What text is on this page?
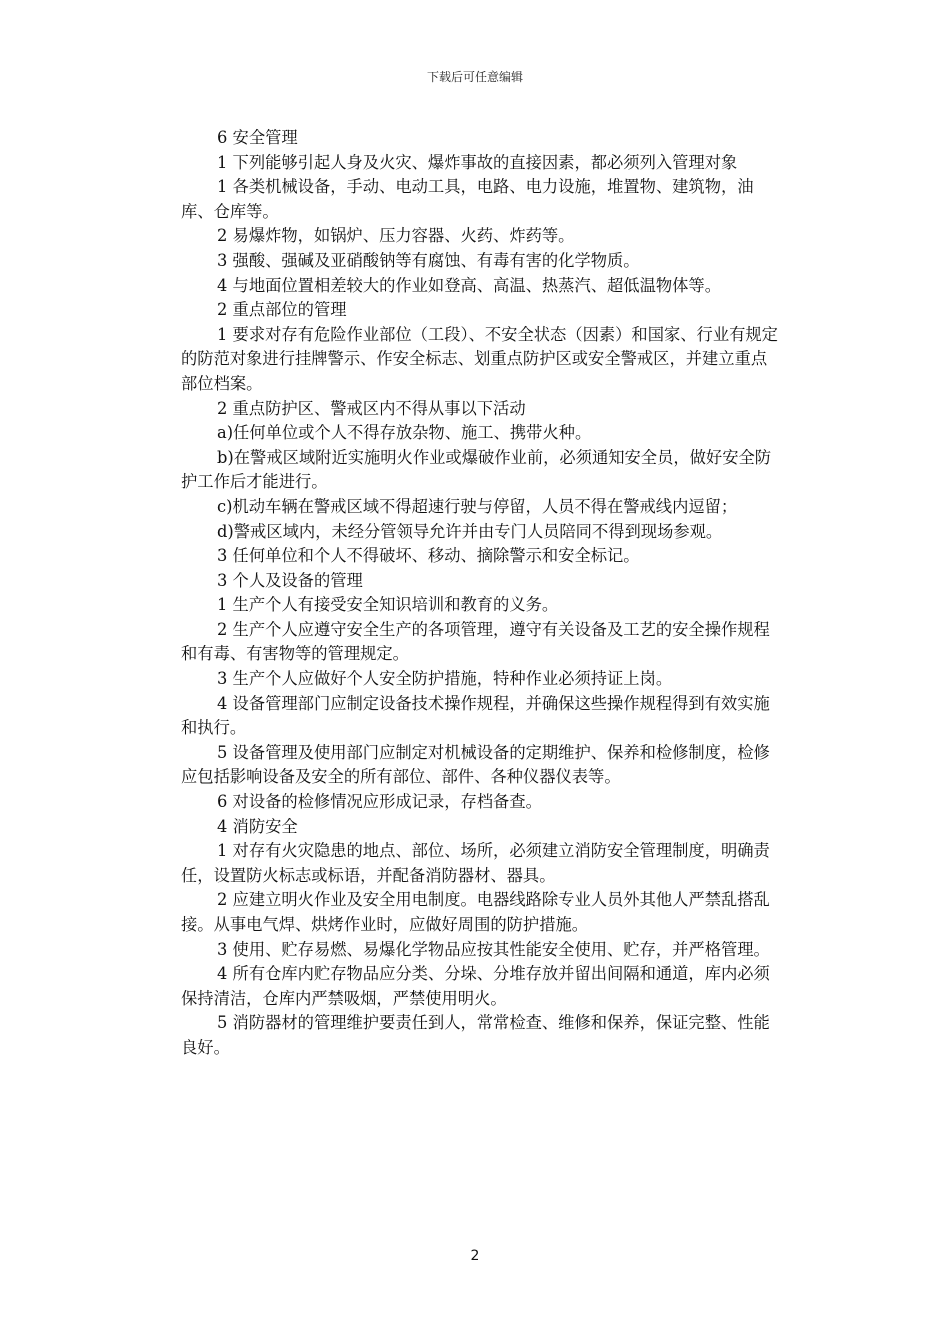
下载后可任意编辑

6 安全管理

1 下列能够引起人身及火灾、爆炸事故的直接因素，都必须列入管理对象

1 各类机械设备，手动、电动工具，电路、电力设施，堆置物、建筑物，油库、仓库等。

2 易爆炸物，如锅炉、压力容器、火药、炸药等。

3 强酸、强碱及亚硝酸钠等有腐蚀、有毒有害的化学物质。

4 与地面位置相差较大的作业如登高、高温、热蒸汽、超低温物体等。

2 重点部位的管理

1 要求对存有危险作业部位（工段）、不安全状态（因素）和国家、行业有规定的防范对象进行挂牌警示、作安全标志、划重点防护区或安全警戒区，并建立重点部位档案。

2 重点防护区、警戒区内不得从事以下活动

a)任何单位或个人不得存放杂物、施工、携带火种。

b)在警戒区域附近实施明火作业或爆破作业前，必须通知安全员，做好安全防护工作后才能进行。

c)机动车辆在警戒区域不得超速行驶与停留，人员不得在警戒线内逗留；

d)警戒区域内，未经分管领导允许并由专门人员陪同不得到现场参观。

3 任何单位和个人不得破坏、移动、摘除警示和安全标记。

3 个人及设备的管理

1 生产个人有接受安全知识培训和教育的义务。

2 生产个人应遵守安全生产的各项管理，遵守有关设备及工艺的安全操作规程和有毒、有害物等的管理规定。

3 生产个人应做好个人安全防护措施，特种作业必须持证上岗。

4 设备管理部门应制定设备技术操作规程，并确保这些操作规程得到有效实施和执行。

5 设备管理及使用部门应制定对机械设备的定期维护、保养和检修制度，检修应包括影响设备及安全的所有部位、部件、各种仪器仪表等。

6 对设备的检修情况应形成记录，存档备查。

4 消防安全

1 对存有火灾隐患的地点、部位、场所，必须建立消防安全管理制度，明确责任，设置防火标志或标语，并配备消防器材、器具。

2 应建立明火作业及安全用电制度。电器线路除专业人员外其他人严禁乱搭乱接。从事电气焊、烘烤作业时，应做好周围的防护措施。

3 使用、贮存易燃、易爆化学物品应按其性能安全使用、贮存，并严格管理。

4 所有仓库内贮存物品应分类、分垛、分堆存放并留出间隔和通道，库内必须保持清洁，仓库内严禁吸烟，严禁使用明火。

5 消防器材的管理维护要责任到人，常常检查、维修和保养，保证完整、性能良好。

2
